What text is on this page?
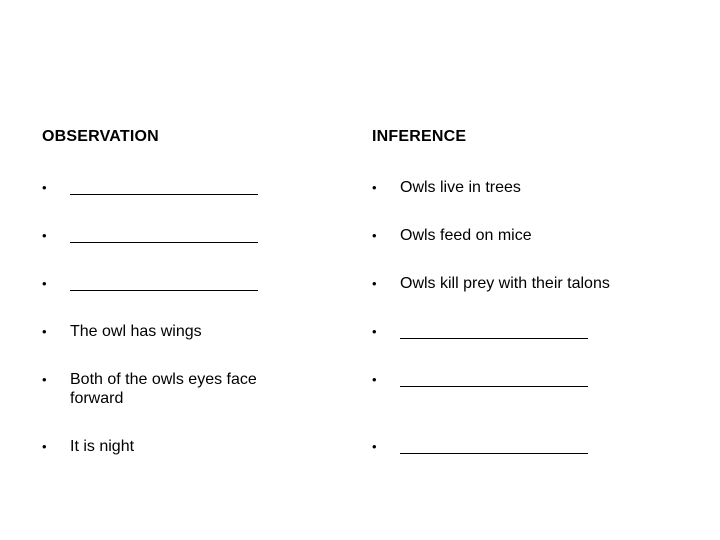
OBSERVATION
•
•
•
•	The owl has wings
•	Both of the owls eyes face forward
•	It is night
INFERENCE
•	Owls live in trees
•	Owls feed on mice
•	Owls kill prey with their talons
•
•
•
